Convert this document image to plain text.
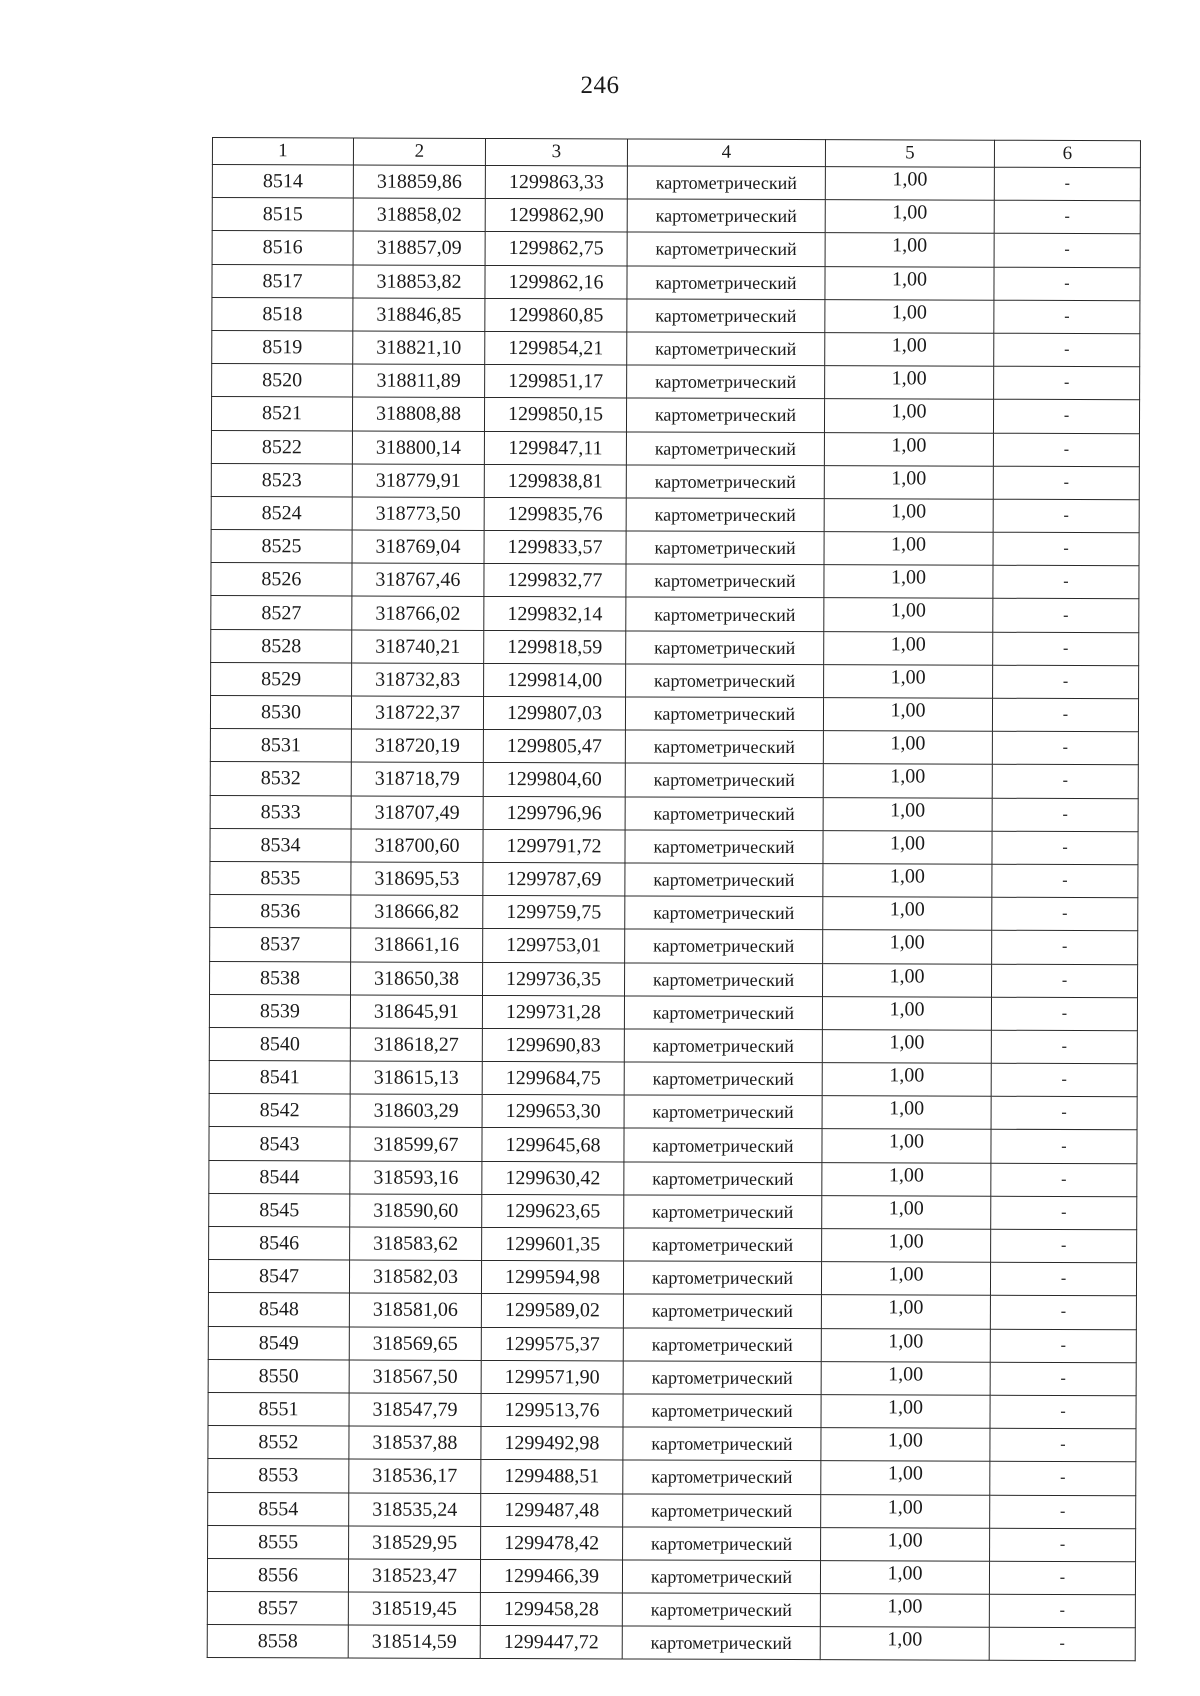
246
1	2	3	4	5	6
8514	318859,86	1299863,33	картометрический	1,00	-
8515	318858,02	1299862,90	картометрический	1,00	-
8516	318857,09	1299862,75	картометрический	1,00	-
8517	318853,82	1299862,16	картометрический	1,00	-
8518	318846,85	1299860,85	картометрический	1,00	-
8519	318821,10	1299854,21	картометрический	1,00	-
8520	318811,89	1299851,17	картометрический	1,00	-
8521	318808,88	1299850,15	картометрический	1,00	-
8522	318800,14	1299847,11	картометрический	1,00	-
8523	318779,91	1299838,81	картометрический	1,00	-
8524	318773,50	1299835,76	картометрический	1,00	-
8525	318769,04	1299833,57	картометрический	1,00	-
8526	318767,46	1299832,77	картометрический	1,00	-
8527	318766,02	1299832,14	картометрический	1,00	-
8528	318740,21	1299818,59	картометрический	1,00	-
8529	318732,83	1299814,00	картометрический	1,00	-
8530	318722,37	1299807,03	картометрический	1,00	-
8531	318720,19	1299805,47	картометрический	1,00	-
8532	318718,79	1299804,60	картометрический	1,00	-
8533	318707,49	1299796,96	картометрический	1,00	-
8534	318700,60	1299791,72	картометрический	1,00	-
8535	318695,53	1299787,69	картометрический	1,00	-
8536	318666,82	1299759,75	картометрический	1,00	-
8537	318661,16	1299753,01	картометрический	1,00	-
8538	318650,38	1299736,35	картометрический	1,00	-
8539	318645,91	1299731,28	картометрический	1,00	-
8540	318618,27	1299690,83	картометрический	1,00	-
8541	318615,13	1299684,75	картометрический	1,00	-
8542	318603,29	1299653,30	картометрический	1,00	-
8543	318599,67	1299645,68	картометрический	1,00	-
8544	318593,16	1299630,42	картометрический	1,00	-
8545	318590,60	1299623,65	картометрический	1,00	-
8546	318583,62	1299601,35	картометрический	1,00	-
8547	318582,03	1299594,98	картометрический	1,00	-
8548	318581,06	1299589,02	картометрический	1,00	-
8549	318569,65	1299575,37	картометрический	1,00	-
8550	318567,50	1299571,90	картометрический	1,00	-
8551	318547,79	1299513,76	картометрический	1,00	-
8552	318537,88	1299492,98	картометрический	1,00	-
8553	318536,17	1299488,51	картометрический	1,00	-
8554	318535,24	1299487,48	картометрический	1,00	-
8555	318529,95	1299478,42	картометрический	1,00	-
8556	318523,47	1299466,39	картометрический	1,00	-
8557	318519,45	1299458,28	картометрический	1,00	-
8558	318514,59	1299447,72	картометрический	1,00	-
